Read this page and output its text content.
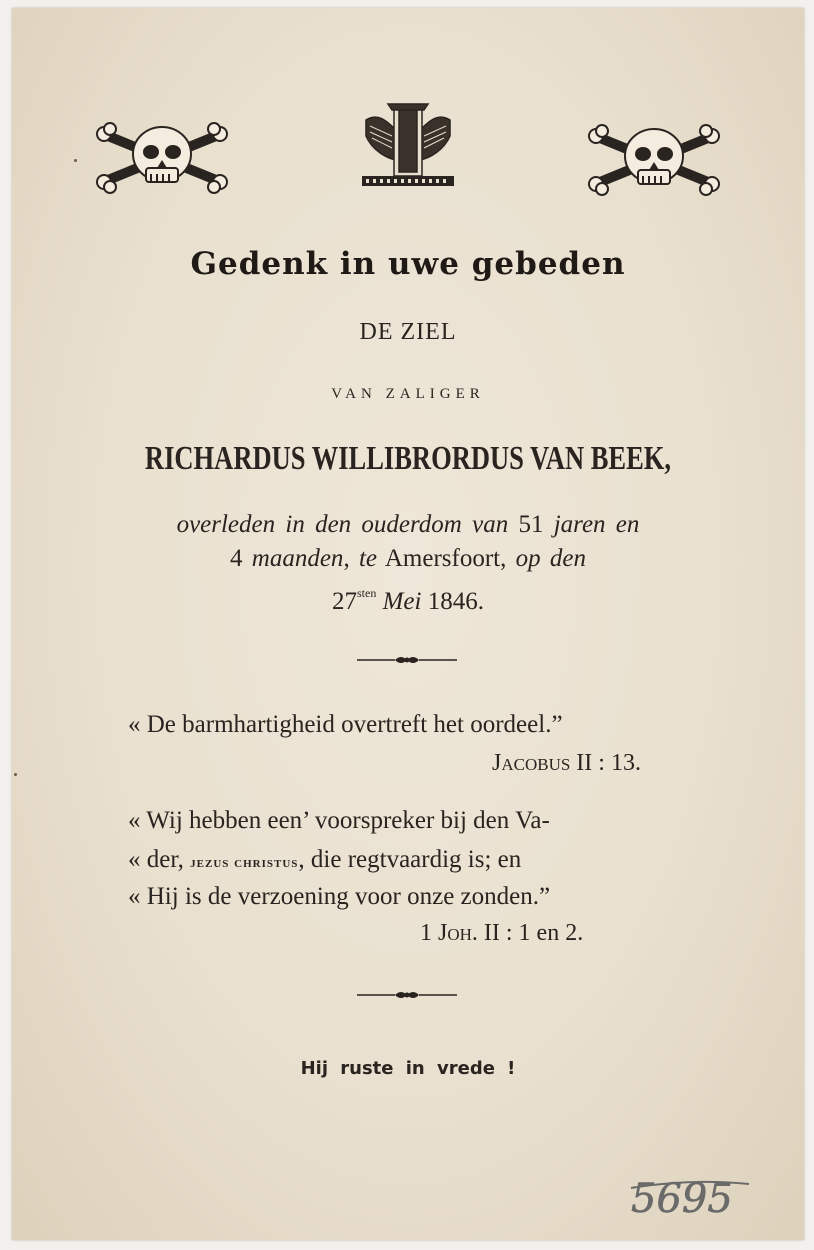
Gedenk in uwe gebeden
DE ZIEL
VAN ZALIGER
RICHARDUS WILLIBRORDUS VAN BEEK,
overleden in den ouderdom van 51 jaren en
4 maanden, te Amersfoort, op den
$27^{sten}$ Mei 1846.
« De barmhartigheid overtreft het oordeel.”
Jacobus II : 13.
« Wij hebben een’ voorspreker bij den Va-
« der, jezus christus, die regtvaardig is; en
« Hij is de verzoening voor onze zonden.”
1 Joh. II : 1 en 2.
Hij ruste in vrede !
5695
